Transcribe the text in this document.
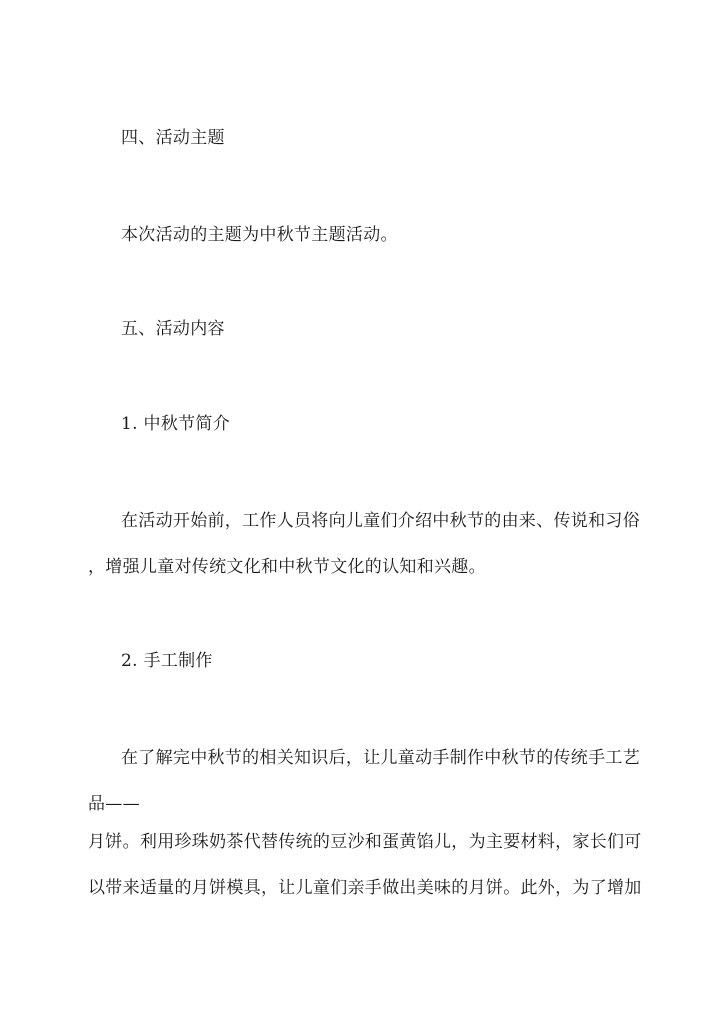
四、活动主题
本次活动的主题为中秋节主题活动。
五、活动内容
1. 中秋节简介
在活动开始前，工作人员将向儿童们介绍中秋节的由来、传说和习俗
，增强儿童对传统文化和中秋节文化的认知和兴趣。
2. 手工制作
在了解完中秋节的相关知识后，让儿童动手制作中秋节的传统手工艺
品——
月饼。利用珍珠奶茶代替传统的豆沙和蛋黄馅儿，为主要材料，家长们可
以带来适量的月饼模具，让儿童们亲手做出美味的月饼。此外，为了增加
